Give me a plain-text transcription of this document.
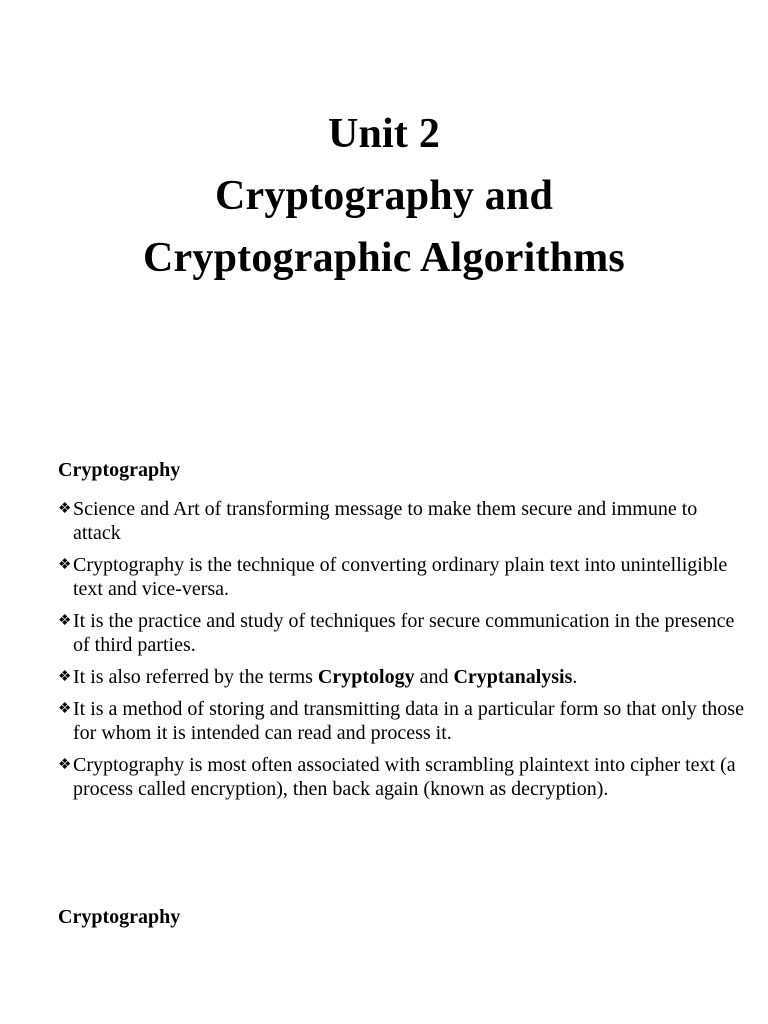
Unit 2
Cryptography and
Cryptographic Algorithms
Cryptography
❖ Science and Art of transforming message to make them secure and immune to attack
❖ Cryptography is the technique of converting ordinary plain text into unintelligible text and vice-versa.
❖ It is the practice and study of techniques for secure communication in the presence of third parties.
❖ It is also referred by the terms Cryptology and Cryptanalysis.
❖ It is a method of storing and transmitting data in a particular form so that only those for whom it is intended can read and process it.
❖ Cryptography is most often associated with scrambling plaintext into cipher text (a process called encryption), then back again (known as decryption).
Cryptography
